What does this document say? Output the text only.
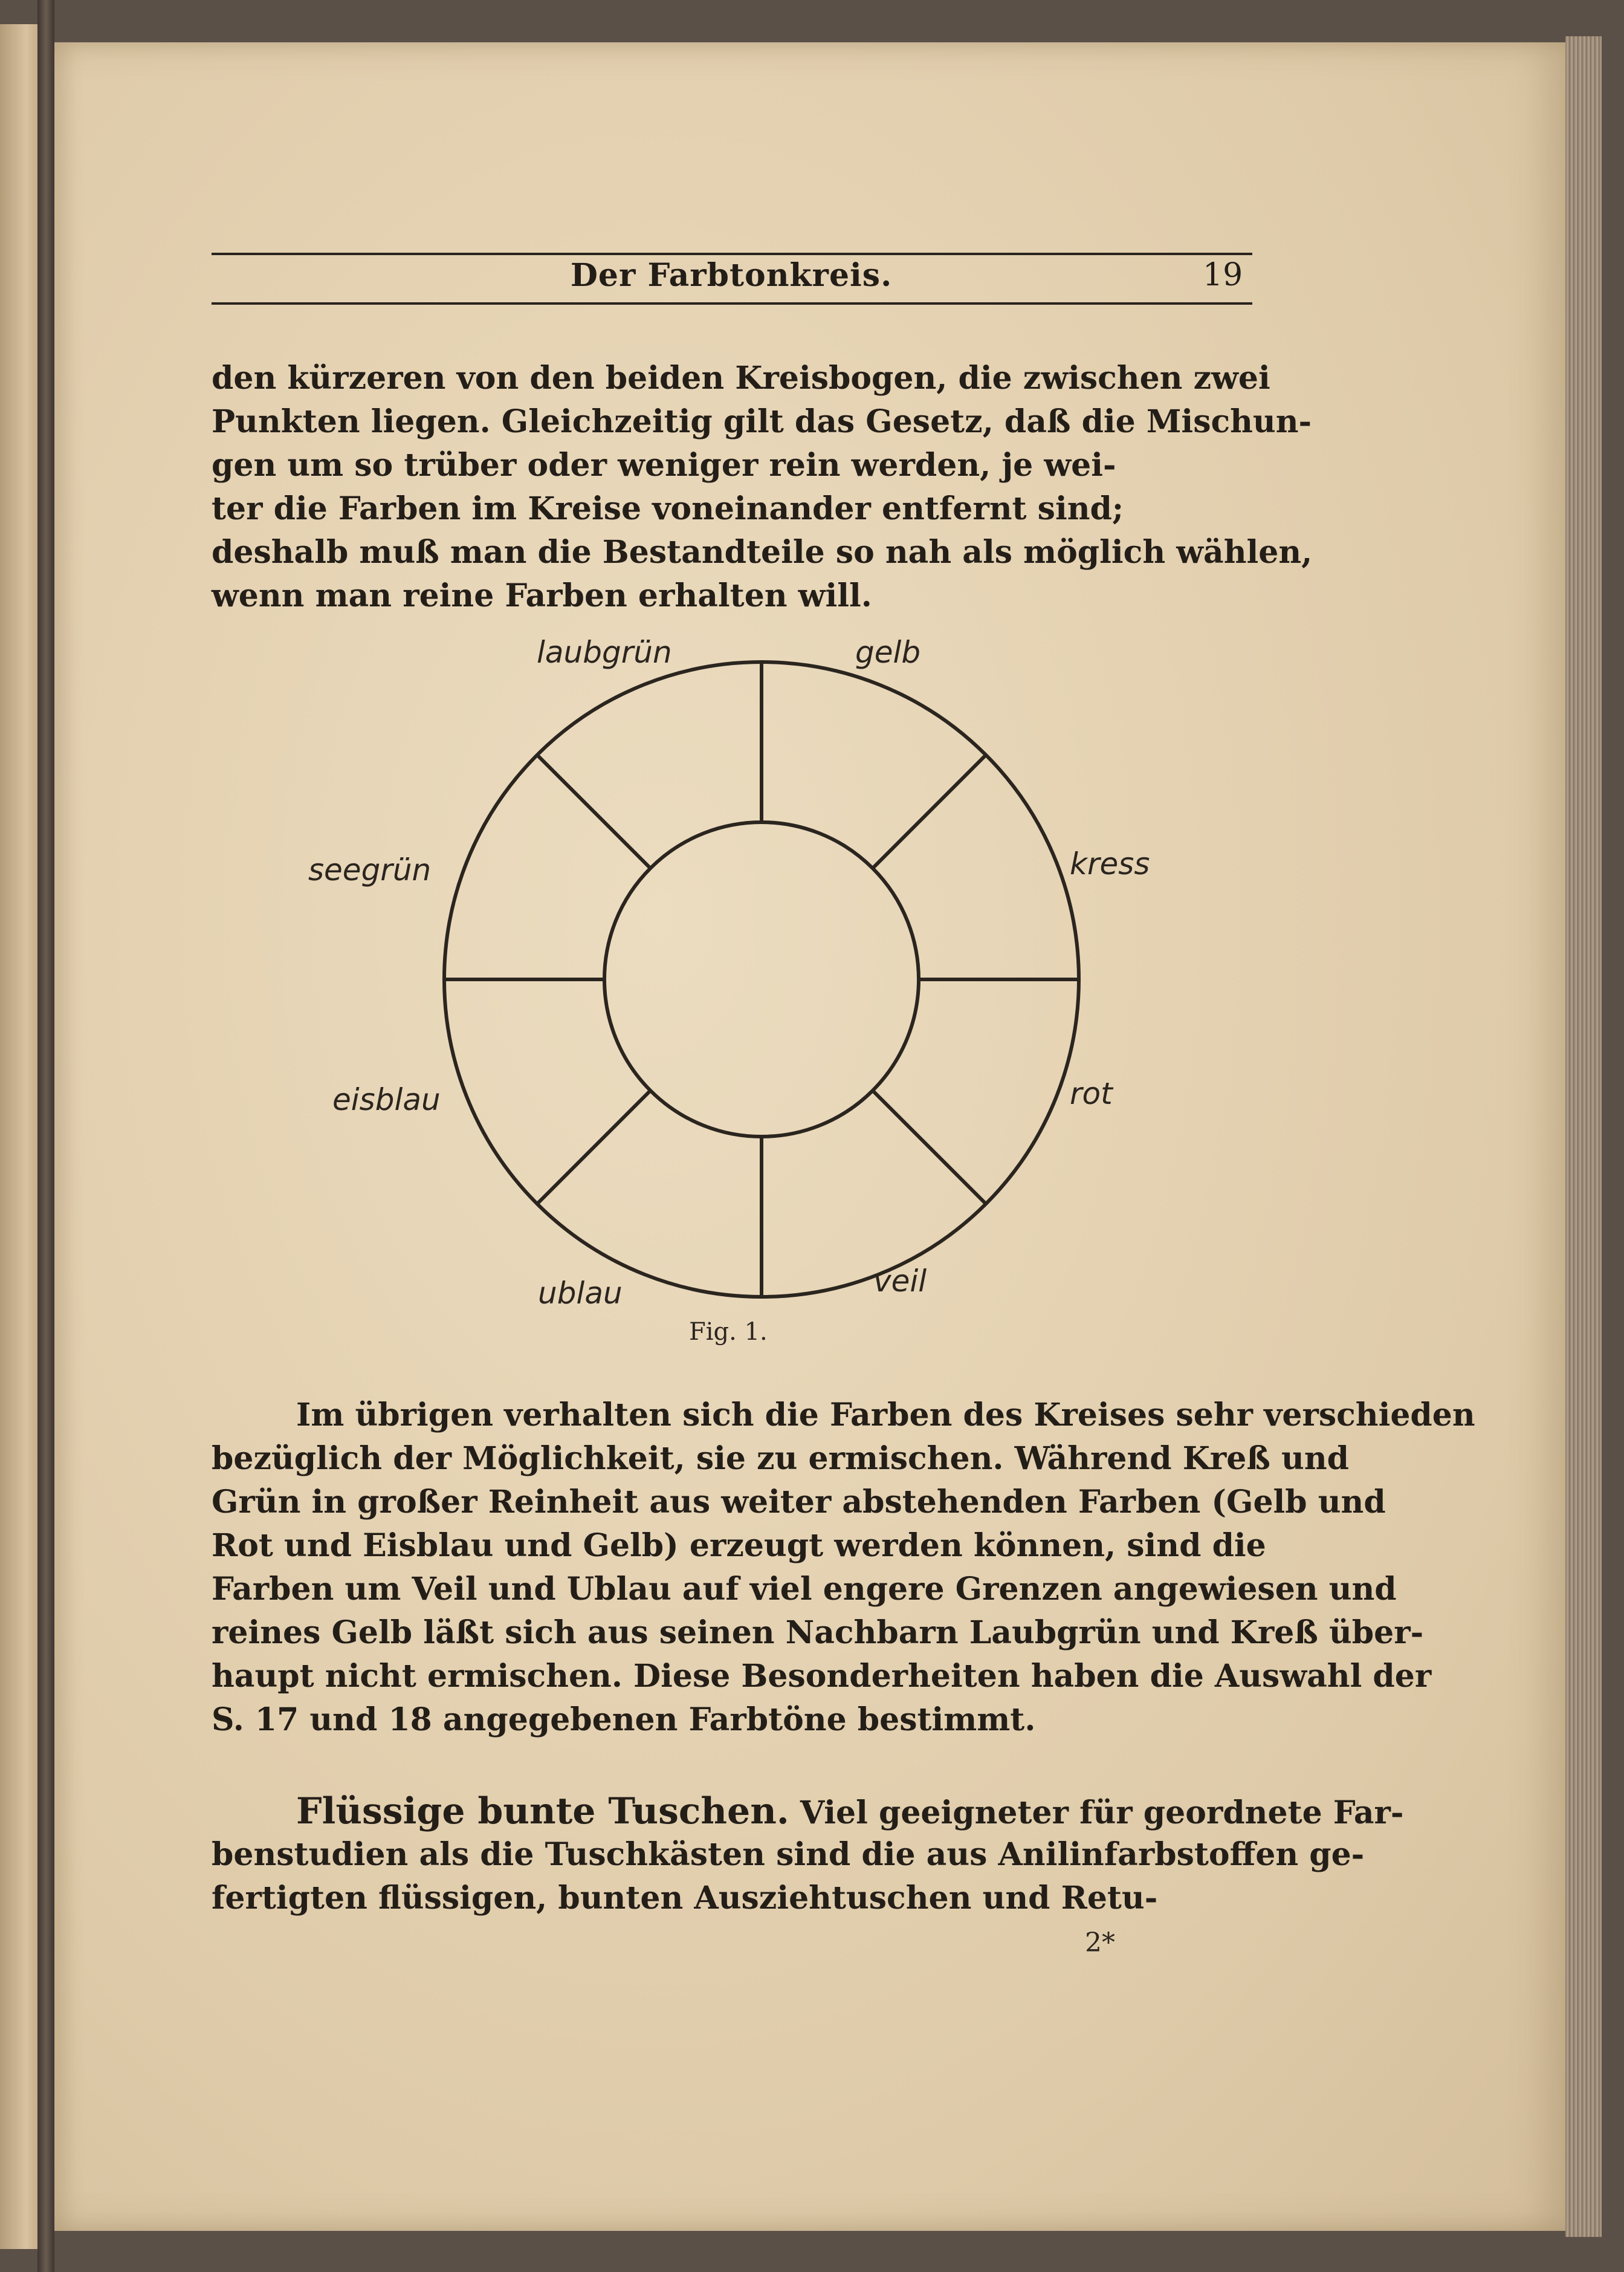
Der Farbtonkreis.	19
den kürzeren von den beiden Kreisbogen, die zwischen zwei
Punkten liegen. Gleichzeitig gilt das Gesetz, daß die Mischun-
gen um so trüber oder weniger rein werden, je wei-
ter die Farben im Kreise voneinander entfernt sind;
deshalb muß man die Bestandteile so nah als möglich wählen,
wenn man reine Farben erhalten will.
laubgrün	gelb
kress
rot
veil
ublau
eisblau
seegrün
Fig. 1.
Im übrigen verhalten sich die Farben des Kreises sehr verschieden
bezüglich der Möglichkeit, sie zu ermischen. Während Kreß und
Grün in großer Reinheit aus weiter abstehenden Farben (Gelb und
Rot und Eisblau und Gelb) erzeugt werden können, sind die
Farben um Veil und Ublau auf viel engere Grenzen angewiesen und
reines Gelb läßt sich aus seinen Nachbarn Laubgrün und Kreß über-
haupt nicht ermischen. Diese Besonderheiten haben die Auswahl der
S. 17 und 18 angegebenen Farbtöne bestimmt.
Flüssige bunte Tuschen. Viel geeigneter für geordnete Far-
benstudien als die Tuschkästen sind die aus Anilinfarbstoffen ge-
fertigten flüssigen, bunten Ausziehtuschen und Retu-
2*
